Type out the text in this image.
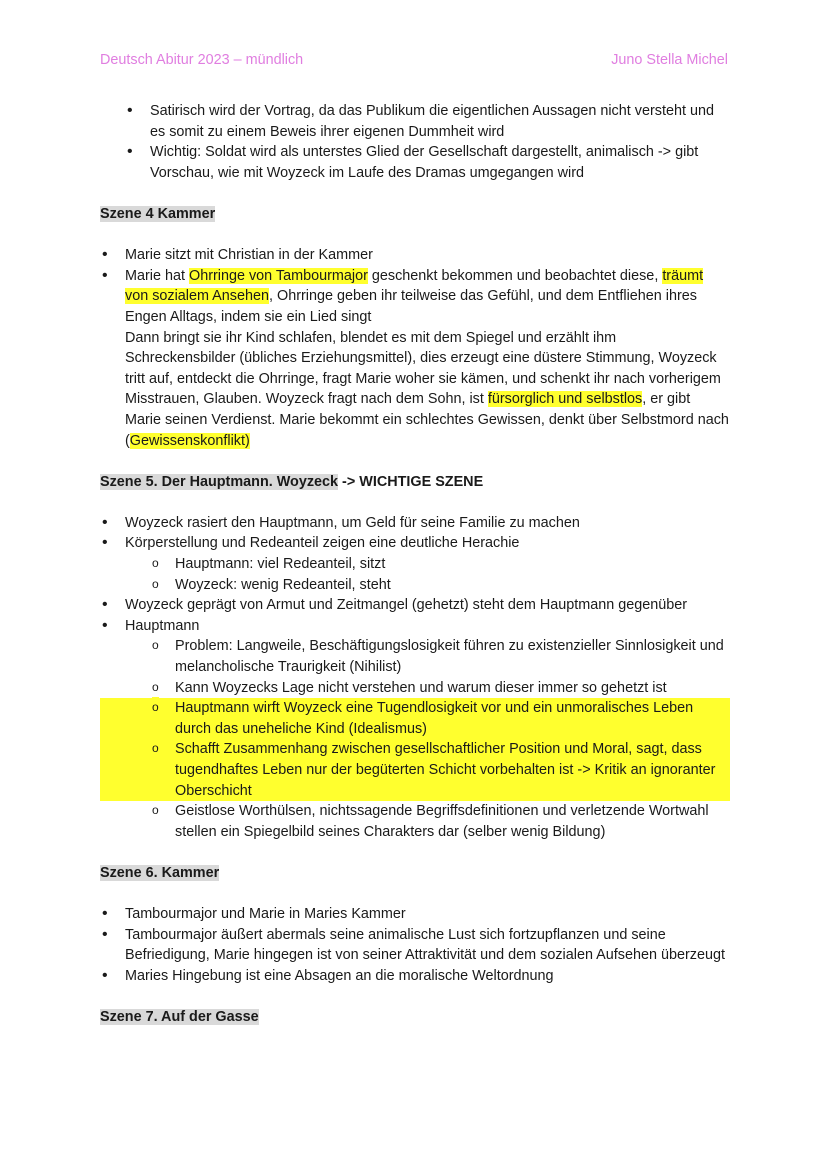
Deutsch Abitur 2023 – mündlich	Juno Stella Michel
• Satirisch wird der Vortrag, da das Publikum die eigentlichen Aussagen nicht versteht und es somit zu einem Beweis ihrer eigenen Dummheit wird
• Wichtig: Soldat wird als unterstes Glied der Gesellschaft dargestellt, animalisch -> gibt Vorschau, wie mit Woyzeck im Laufe des Dramas umgegangen wird
Szene 4 Kammer
• Marie sitzt mit Christian in der Kammer
• Marie hat Ohrringe von Tambourmajor geschenkt bekommen und beobachtet diese, träumt von sozialem Ansehen, Ohrringe geben ihr teilweise das Gefühl, und dem Entfliehen ihres Engen Alltags, indem sie ein Lied singt
Dann bringt sie ihr Kind schlafen, blendet es mit dem Spiegel und erzählt ihm Schreckensbilder (übliches Erziehungsmittel), dies erzeugt eine düstere Stimmung, Woyzeck tritt auf, entdeckt die Ohrringe, fragt Marie woher sie kämen, und schenkt ihr nach vorherigem Misstrauen, Glauben. Woyzeck fragt nach dem Sohn, ist fürsorglich und selbstlos, er gibt Marie seinen Verdienst. Marie bekommt ein schlechtes Gewissen, denkt über Selbstmord nach (Gewissenskonflikt)
Szene 5. Der Hauptmann. Woyzeck -> WICHTIGE SZENE
• Woyzeck rasiert den Hauptmann, um Geld für seine Familie zu machen
• Körperstellung und Redeanteil zeigen eine deutliche Herachie
o Hauptmann: viel Redeanteil, sitzt
o Woyzeck: wenig Redeanteil, steht
• Woyzeck geprägt von Armut und Zeitmangel (gehetzt) steht dem Hauptmann gegenüber
• Hauptmann
o Problem: Langweile, Beschäftigungslosigkeit führen zu existenzieller Sinnlosigkeit und melancholische Traurigkeit (Nihilist)
o Kann Woyzecks Lage nicht verstehen und warum dieser immer so gehetzt ist
o Hauptmann wirft Woyzeck eine Tugendlosigkeit vor und ein unmoralisches Leben durch das uneheliche Kind (Idealismus)
o Schafft Zusammenhang zwischen gesellschaftlicher Position und Moral, sagt, dass tugendhaftes Leben nur der begüterten Schicht vorbehalten ist -> Kritik an ignoranter Oberschicht
o Geistlose Worthülsen, nichtssagende Begriffsdefinitionen und verletzende Wortwahl stellen ein Spiegelbild seines Charakters dar (selber wenig Bildung)
Szene 6. Kammer
• Tambourmajor und Marie in Maries Kammer
• Tambourmajor äußert abermals seine animalische Lust sich fortzupflanzen und seine Befriedigung, Marie hingegen ist von seiner Attraktivität und dem sozialen Aufsehen überzeugt
• Maries Hingebung ist eine Absagen an die moralische Weltordnung
Szene 7. Auf der Gasse
